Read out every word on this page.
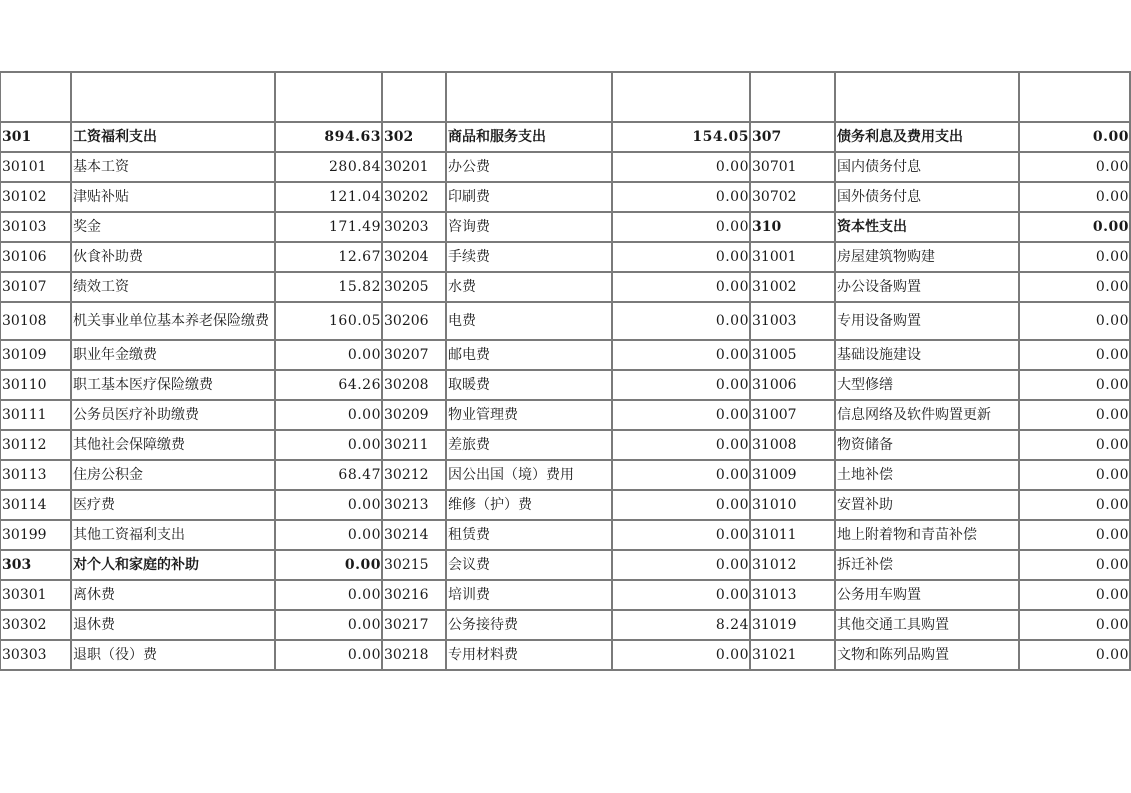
301	工资福利支出	894.63	302	商品和服务支出	154.05	307	债务利息及费用支出	0.00
30101	基本工资	280.84	30201	办公费	0.00	30701	国内债务付息	0.00
30102	津贴补贴	121.04	30202	印刷费	0.00	30702	国外债务付息	0.00
30103	奖金	171.49	30203	咨询费	0.00	310	资本性支出	0.00
30106	伙食补助费	12.67	30204	手续费	0.00	31001	房屋建筑物购建	0.00
30107	绩效工资	15.82	30205	水费	0.00	31002	办公设备购置	0.00
30108	机关事业单位基本养老保险缴费	160.05	30206	电费	0.00	31003	专用设备购置	0.00
30109	职业年金缴费	0.00	30207	邮电费	0.00	31005	基础设施建设	0.00
30110	职工基本医疗保险缴费	64.26	30208	取暖费	0.00	31006	大型修缮	0.00
30111	公务员医疗补助缴费	0.00	30209	物业管理费	0.00	31007	信息网络及软件购置更新	0.00
30112	其他社会保障缴费	0.00	30211	差旅费	0.00	31008	物资储备	0.00
30113	住房公积金	68.47	30212	因公出国（境）费用	0.00	31009	土地补偿	0.00
30114	医疗费	0.00	30213	维修（护）费	0.00	31010	安置补助	0.00
30199	其他工资福利支出	0.00	30214	租赁费	0.00	31011	地上附着物和青苗补偿	0.00
303	对个人和家庭的补助	0.00	30215	会议费	0.00	31012	拆迁补偿	0.00
30301	离休费	0.00	30216	培训费	0.00	31013	公务用车购置	0.00
30302	退休费	0.00	30217	公务接待费	8.24	31019	其他交通工具购置	0.00
30303	退职（役）费	0.00	30218	专用材料费	0.00	31021	文物和陈列品购置	0.00
